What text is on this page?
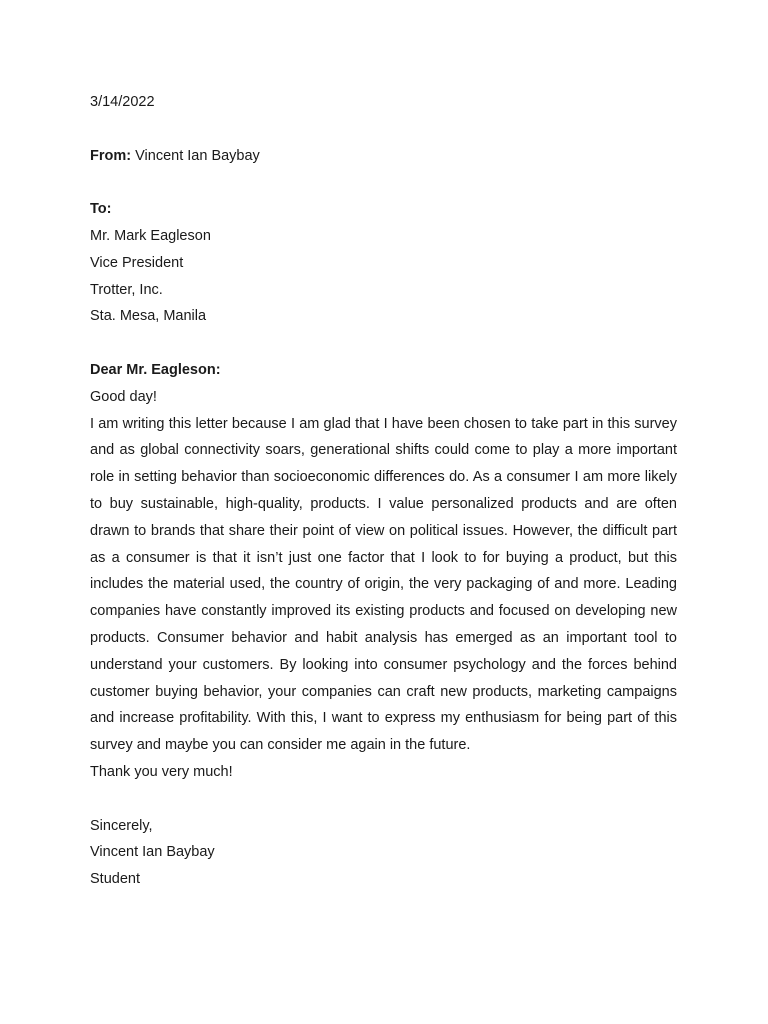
3/14/2022
From: Vincent Ian Baybay
To:
Mr. Mark Eagleson
Vice President
Trotter, Inc.
Sta. Mesa, Manila
Dear Mr. Eagleson:
Good day!

I am writing this letter because I am glad that I have been chosen to take part in this survey and as global connectivity soars, generational shifts could come to play a more important role in setting behavior than socioeconomic differences do. As a consumer I am more likely to buy sustainable, high-quality, products. I value personalized products and are often drawn to brands that share their point of view on political issues. However, the difficult part as a consumer is that it isn’t just one factor that I look to for buying a product, but this includes the material used, the country of origin, the very packaging of and more. Leading companies have constantly improved its existing products and focused on developing new products. Consumer behavior and habit analysis has emerged as an important tool to understand your customers. By looking into consumer psychology and the forces behind customer buying behavior, your companies can craft new products, marketing campaigns and increase profitability. With this, I want to express my enthusiasm for being part of this survey and maybe you can consider me again in the future.

Thank you very much!
Sincerely,
Vincent Ian Baybay
Student
